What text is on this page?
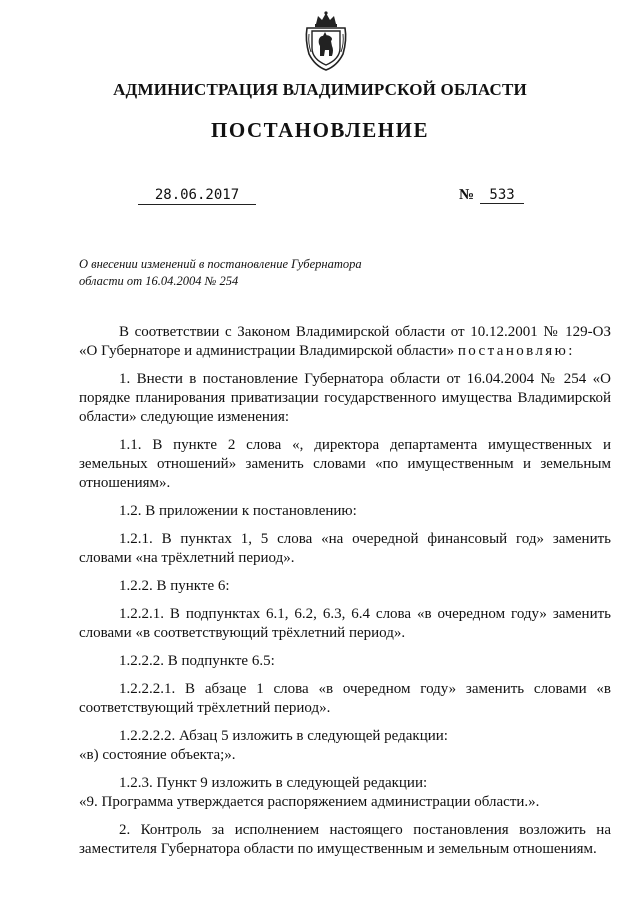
АДМИНИСТРАЦИЯ ВЛАДИМИРСКОЙ ОБЛАСТИ
ПОСТАНОВЛЕНИЕ
28.06.2017	№ 533
О внесении изменений в постановление Губернатора
области от 16.04.2004 № 254

В соответствии с Законом Владимирской области от 10.12.2001 № 129-ОЗ «О Губернаторе и администрации Владимирской области» постановляю:

1. Внести в постановление Губернатора области от 16.04.2004 № 254 «О порядке планирования приватизации государственного имущества Владимирской области» следующие изменения:

1.1. В пункте 2 слова «, директора департамента имущественных и земельных отношений» заменить словами «по имущественным и земельным отношениям».

1.2. В приложении к постановлению:

1.2.1. В пунктах 1, 5 слова «на очередной финансовый год» заменить словами «на трёхлетний период».

1.2.2. В пункте 6:

1.2.2.1. В подпунктах 6.1, 6.2, 6.3, 6.4 слова «в очередном году» заменить словами «в соответствующий трёхлетний период».

1.2.2.2. В подпункте 6.5:

1.2.2.2.1. В абзаце 1 слова «в очередном году» заменить словами «в соответствующий трёхлетний период».

1.2.2.2.2. Абзац 5 изложить в следующей редакции:

«в) состояние объекта;».

1.2.3. Пункт 9 изложить в следующей редакции:

«9. Программа утверждается распоряжением администрации области.».

2. Контроль за исполнением настоящего постановления возложить на заместителя Губернатора области по имущественным и земельным отношениям.
